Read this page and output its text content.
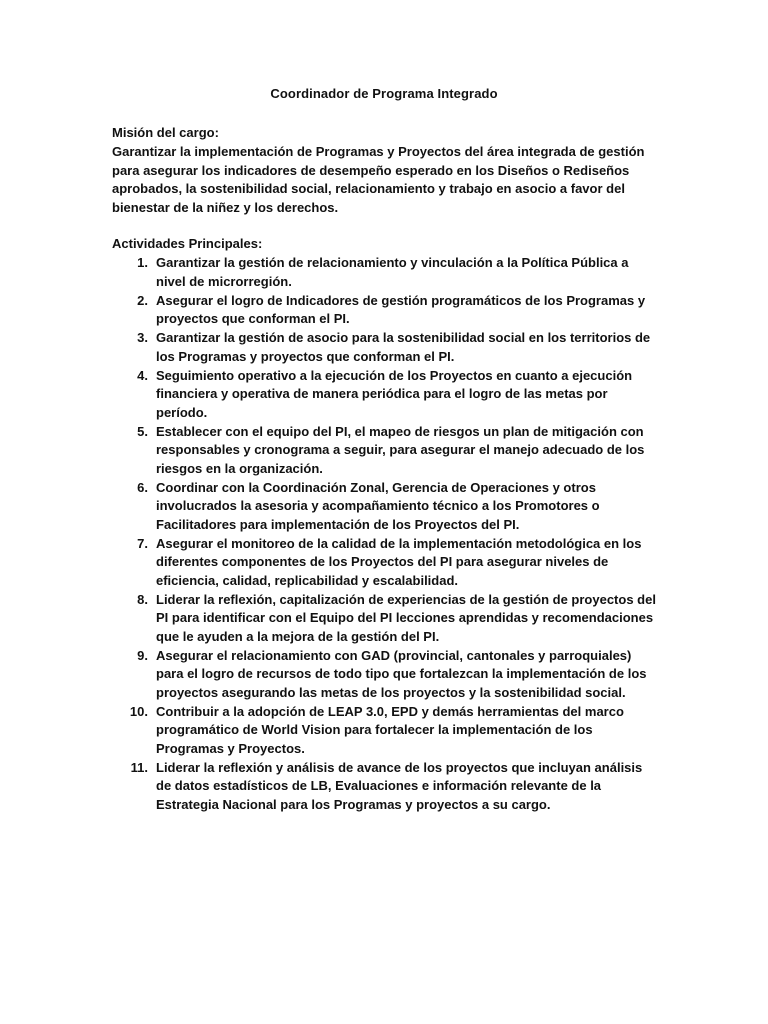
Coordinador de Programa Integrado
Misión del cargo:
Garantizar la implementación de Programas y Proyectos del área integrada de gestión para asegurar los indicadores de desempeño esperado en los Diseños o Rediseños aprobados, la sostenibilidad social, relacionamiento y trabajo en asocio a favor del bienestar de la niñez y los derechos.
Actividades Principales:
1. Garantizar la gestión de relacionamiento y vinculación a la Política Pública a nivel de microrregión.
2. Asegurar el logro de Indicadores de gestión programáticos de los Programas y proyectos que conforman el PI.
3. Garantizar la gestión de asocio para la sostenibilidad social en los territorios de los Programas y proyectos que conforman el PI.
4. Seguimiento operativo a la ejecución de los Proyectos en cuanto a ejecución financiera y operativa de manera periódica para el logro de las metas por período.
5. Establecer con el equipo del PI, el mapeo de riesgos un plan de mitigación con responsables y cronograma a seguir, para asegurar el manejo adecuado de los riesgos en la organización.
6. Coordinar con la Coordinación Zonal, Gerencia de Operaciones y otros involucrados la asesoria y acompañamiento técnico a los Promotores o Facilitadores para implementación de los Proyectos del PI.
7. Asegurar el monitoreo de la calidad de la implementación metodológica en los diferentes componentes de los Proyectos del PI para asegurar niveles de eficiencia, calidad, replicabilidad y escalabilidad.
8. Liderar la reflexión, capitalización de experiencias de la gestión de proyectos del PI para identificar con el Equipo del PI lecciones aprendidas y recomendaciones que le ayuden a la mejora de la gestión del PI.
9. Asegurar el relacionamiento con GAD (provincial, cantonales y parroquiales) para el logro de recursos de todo tipo que fortalezcan la implementación de los proyectos asegurando las metas de los proyectos y la sostenibilidad social.
10. Contribuir a la adopción de LEAP 3.0, EPD y demás herramientas del marco programático de World Vision para fortalecer la implementación de los Programas y Proyectos.
11. Liderar la reflexión y análisis de avance de los proyectos que incluyan análisis de datos estadísticos de LB, Evaluaciones e información relevante de la Estrategia Nacional para los Programas y proyectos a su cargo.
